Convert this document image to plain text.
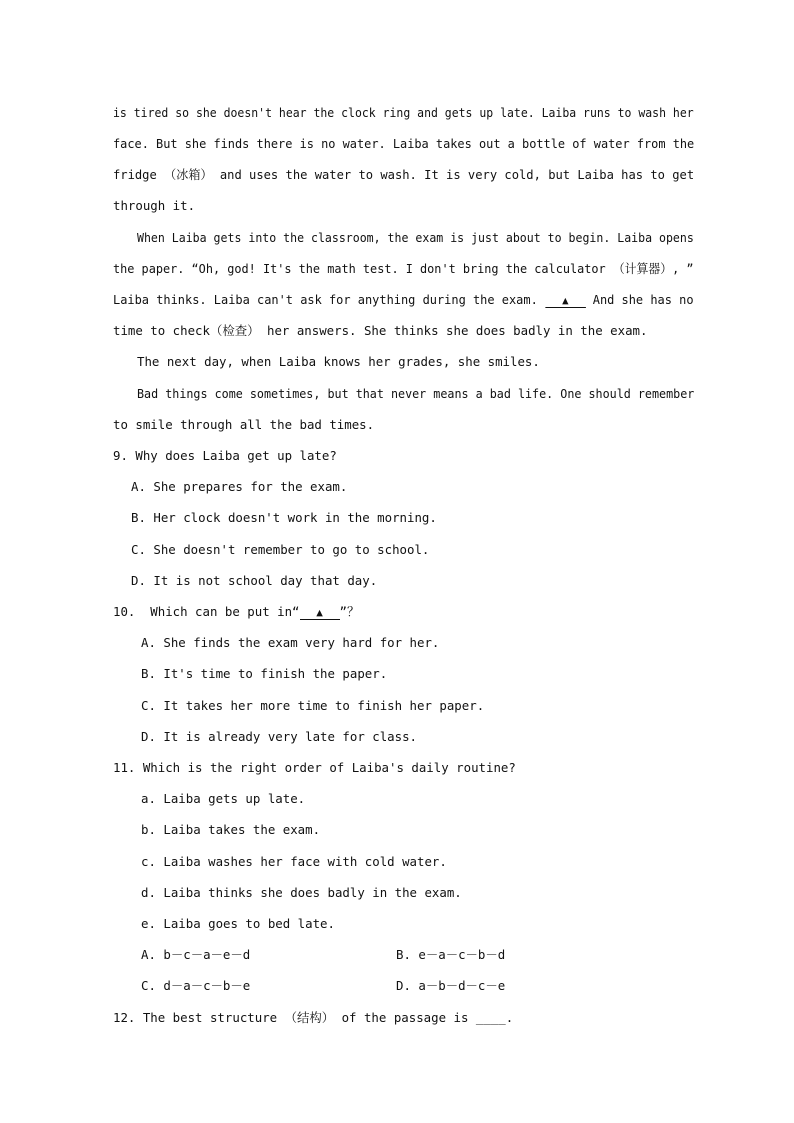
is tired so she doesn't hear the clock ring and gets up late. Laiba runs to wash her
face. But she finds there is no water. Laiba takes out a bottle of water from the
fridge （冰箱） and uses the water to wash. It is very cold, but Laiba has to get
through it.
When Laiba gets into the classroom, the exam is just about to begin. Laiba opens
the paper. “Oh, god! It's the math test. I don't bring the calculator （计算器）, ”
Laiba thinks. Laiba can't ask for anything during the exam. ▲ And she has no
time to check（检查） her answers. She thinks she does badly in the exam.
The next day, when Laiba knows her grades, she smiles.
Bad things come sometimes, but that never means a bad life. One should remember
to smile through all the bad times.
9. Why does Laiba get up late?
A. She prepares for the exam.
B. Her clock doesn't work in the morning.
C. She doesn't remember to go to school.
D. It is not school day that day.
10.  Which can be put in“ ▲ ”？
A. She finds the exam very hard for her.
B. It's time to finish the paper.
C. It takes her more time to finish her paper.
D. It is already very late for class.
11. Which is the right order of Laiba's daily routine?
a. Laiba gets up late.
b. Laiba takes the exam.
c. Laiba washes her face with cold water.
d. Laiba thinks she does badly in the exam.
e. Laiba goes to bed late.
A. b－c－a－e－d	B. e－a－c－b－d
C. d－a－c－b－e	D. a－b－d－c－e
12. The best structure （结构） of the passage is ____.
